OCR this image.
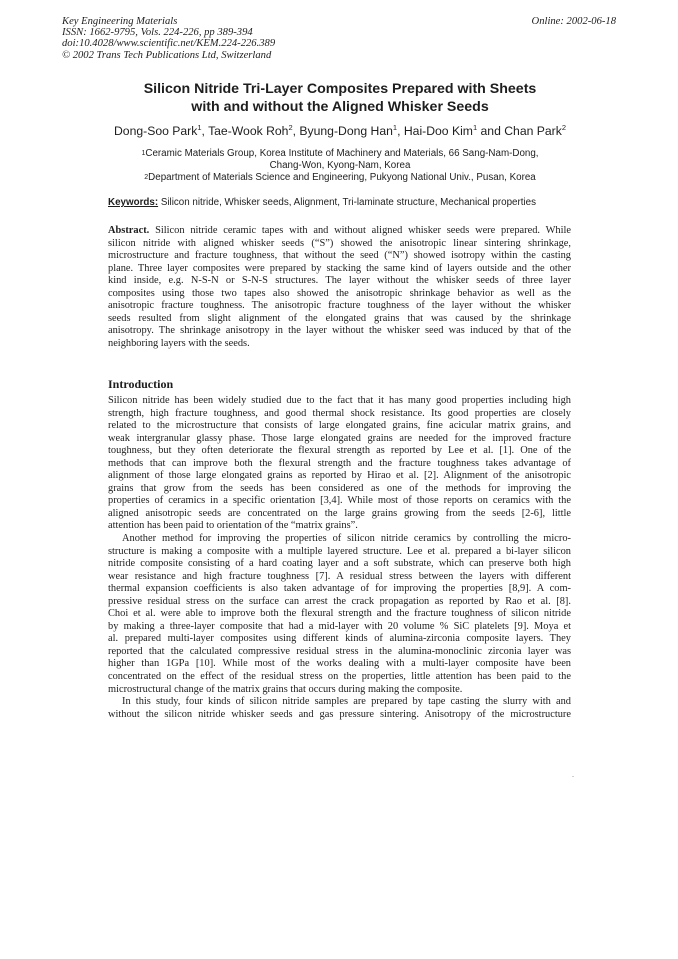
Key Engineering Materials
ISSN: 1662-9795, Vols. 224-226, pp 389-394
doi:10.4028/www.scientific.net/KEM.224-226.389
© 2002 Trans Tech Publications Ltd, Switzerland
Online: 2002-06-18
Silicon Nitride Tri-Layer Composites Prepared with Sheets
with and without the Aligned Whisker Seeds
Dong-Soo Park$^1$, Tae-Wook Roh$^2$, Byung-Dong Han$^1$, Hai-Doo Kim$^1$ and Chan Park$^2$
$^1$Ceramic Materials Group, Korea Institute of Machinery and Materials, 66 Sang-Nam-Dong,
Chang-Won, Kyong-Nam, Korea
$^2$Department of Materials Science and Engineering, Pukyong National Univ., Pusan, Korea
Keywords: Silicon nitride, Whisker seeds, Alignment, Tri-laminate structure, Mechanical properties
Abstract. Silicon nitride ceramic tapes with and without aligned whisker seeds were prepared. While
silicon nitride with aligned whisker seeds (“S”) showed the anisotropic linear sintering shrinkage,
microstructure and fracture toughness, that without the seed (“N”) showed isotropy within the casting
plane. Three layer composites were prepared by stacking the same kind of layers outside and the other
kind inside, e.g. N-S-N or S-N-S structures. The layer without the whisker seeds of three layer
composites using those two tapes also showed the anisotropic shrinkage behavior as well as the
anisotropic fracture toughness. The anisotropic fracture toughness of the layer without the whisker
seeds resulted from slight alignment of the elongated grains that was caused by the shrinkage
anisotropy. The shrinkage anisotropy in the layer without the whisker seed was induced by that of the
neighboring layers with the seeds.
Introduction
Silicon nitride has been widely studied due to the fact that it has many good properties including high
strength, high fracture toughness, and good thermal shock resistance. Its good properties are closely
related to the microstructure that consists of large elongated grains, fine acicular matrix grains, and
weak intergranular glassy phase. Those large elongated grains are needed for the improved fracture
toughness, but they often deteriorate the flexural strength as reported by Lee et al. [1]. One of the
methods that can improve both the flexural strength and the fracture toughness takes advantage of
alignment of those large elongated grains as reported by Hirao et al. [2]. Alignment of the anisotropic
grains that grow from the seeds has been considered as one of the methods for improving the
properties of ceramics in a specific orientation [3,4]. While most of those reports on ceramics with the
aligned anisotropic seeds are concentrated on the large grains growing from the seeds [2-6], little
attention has been paid to orientation of the “matrix grains”.
Another method for improving the properties of silicon nitride ceramics by controlling the micro-
structure is making a composite with a multiple layered structure. Lee et al. prepared a bi-layer silicon
nitride composite consisting of a hard coating layer and a soft substrate, which can preserve both high
wear resistance and high fracture toughness [7]. A residual stress between the layers with different
thermal expansion coefficients is also taken advantage of for improving the properties [8,9]. A com-
pressive residual stress on the surface can arrest the crack propagation as reported by Rao et al. [8].
Choi et al. were able to improve both the flexural strength and the fracture toughness of silicon nitride
by making a three-layer composite that had a mid-layer with 20 volume % SiC platelets [9]. Moya et
al. prepared multi-layer composites using different kinds of alumina-zirconia composite layers. They
reported that the calculated compressive residual stress in the alumina-monoclinic zirconia layer was
higher than 1GPa [10]. While most of the works dealing with a multi-layer composite have been
concentrated on the effect of the residual stress on the properties, little attention has been paid to the
microstructural change of the matrix grains that occurs during making the composite.
In this study, four kinds of silicon nitride samples are prepared by tape casting the slurry with and
without the silicon nitride whisker seeds and gas pressure sintering. Anisotropy of the microstructure
